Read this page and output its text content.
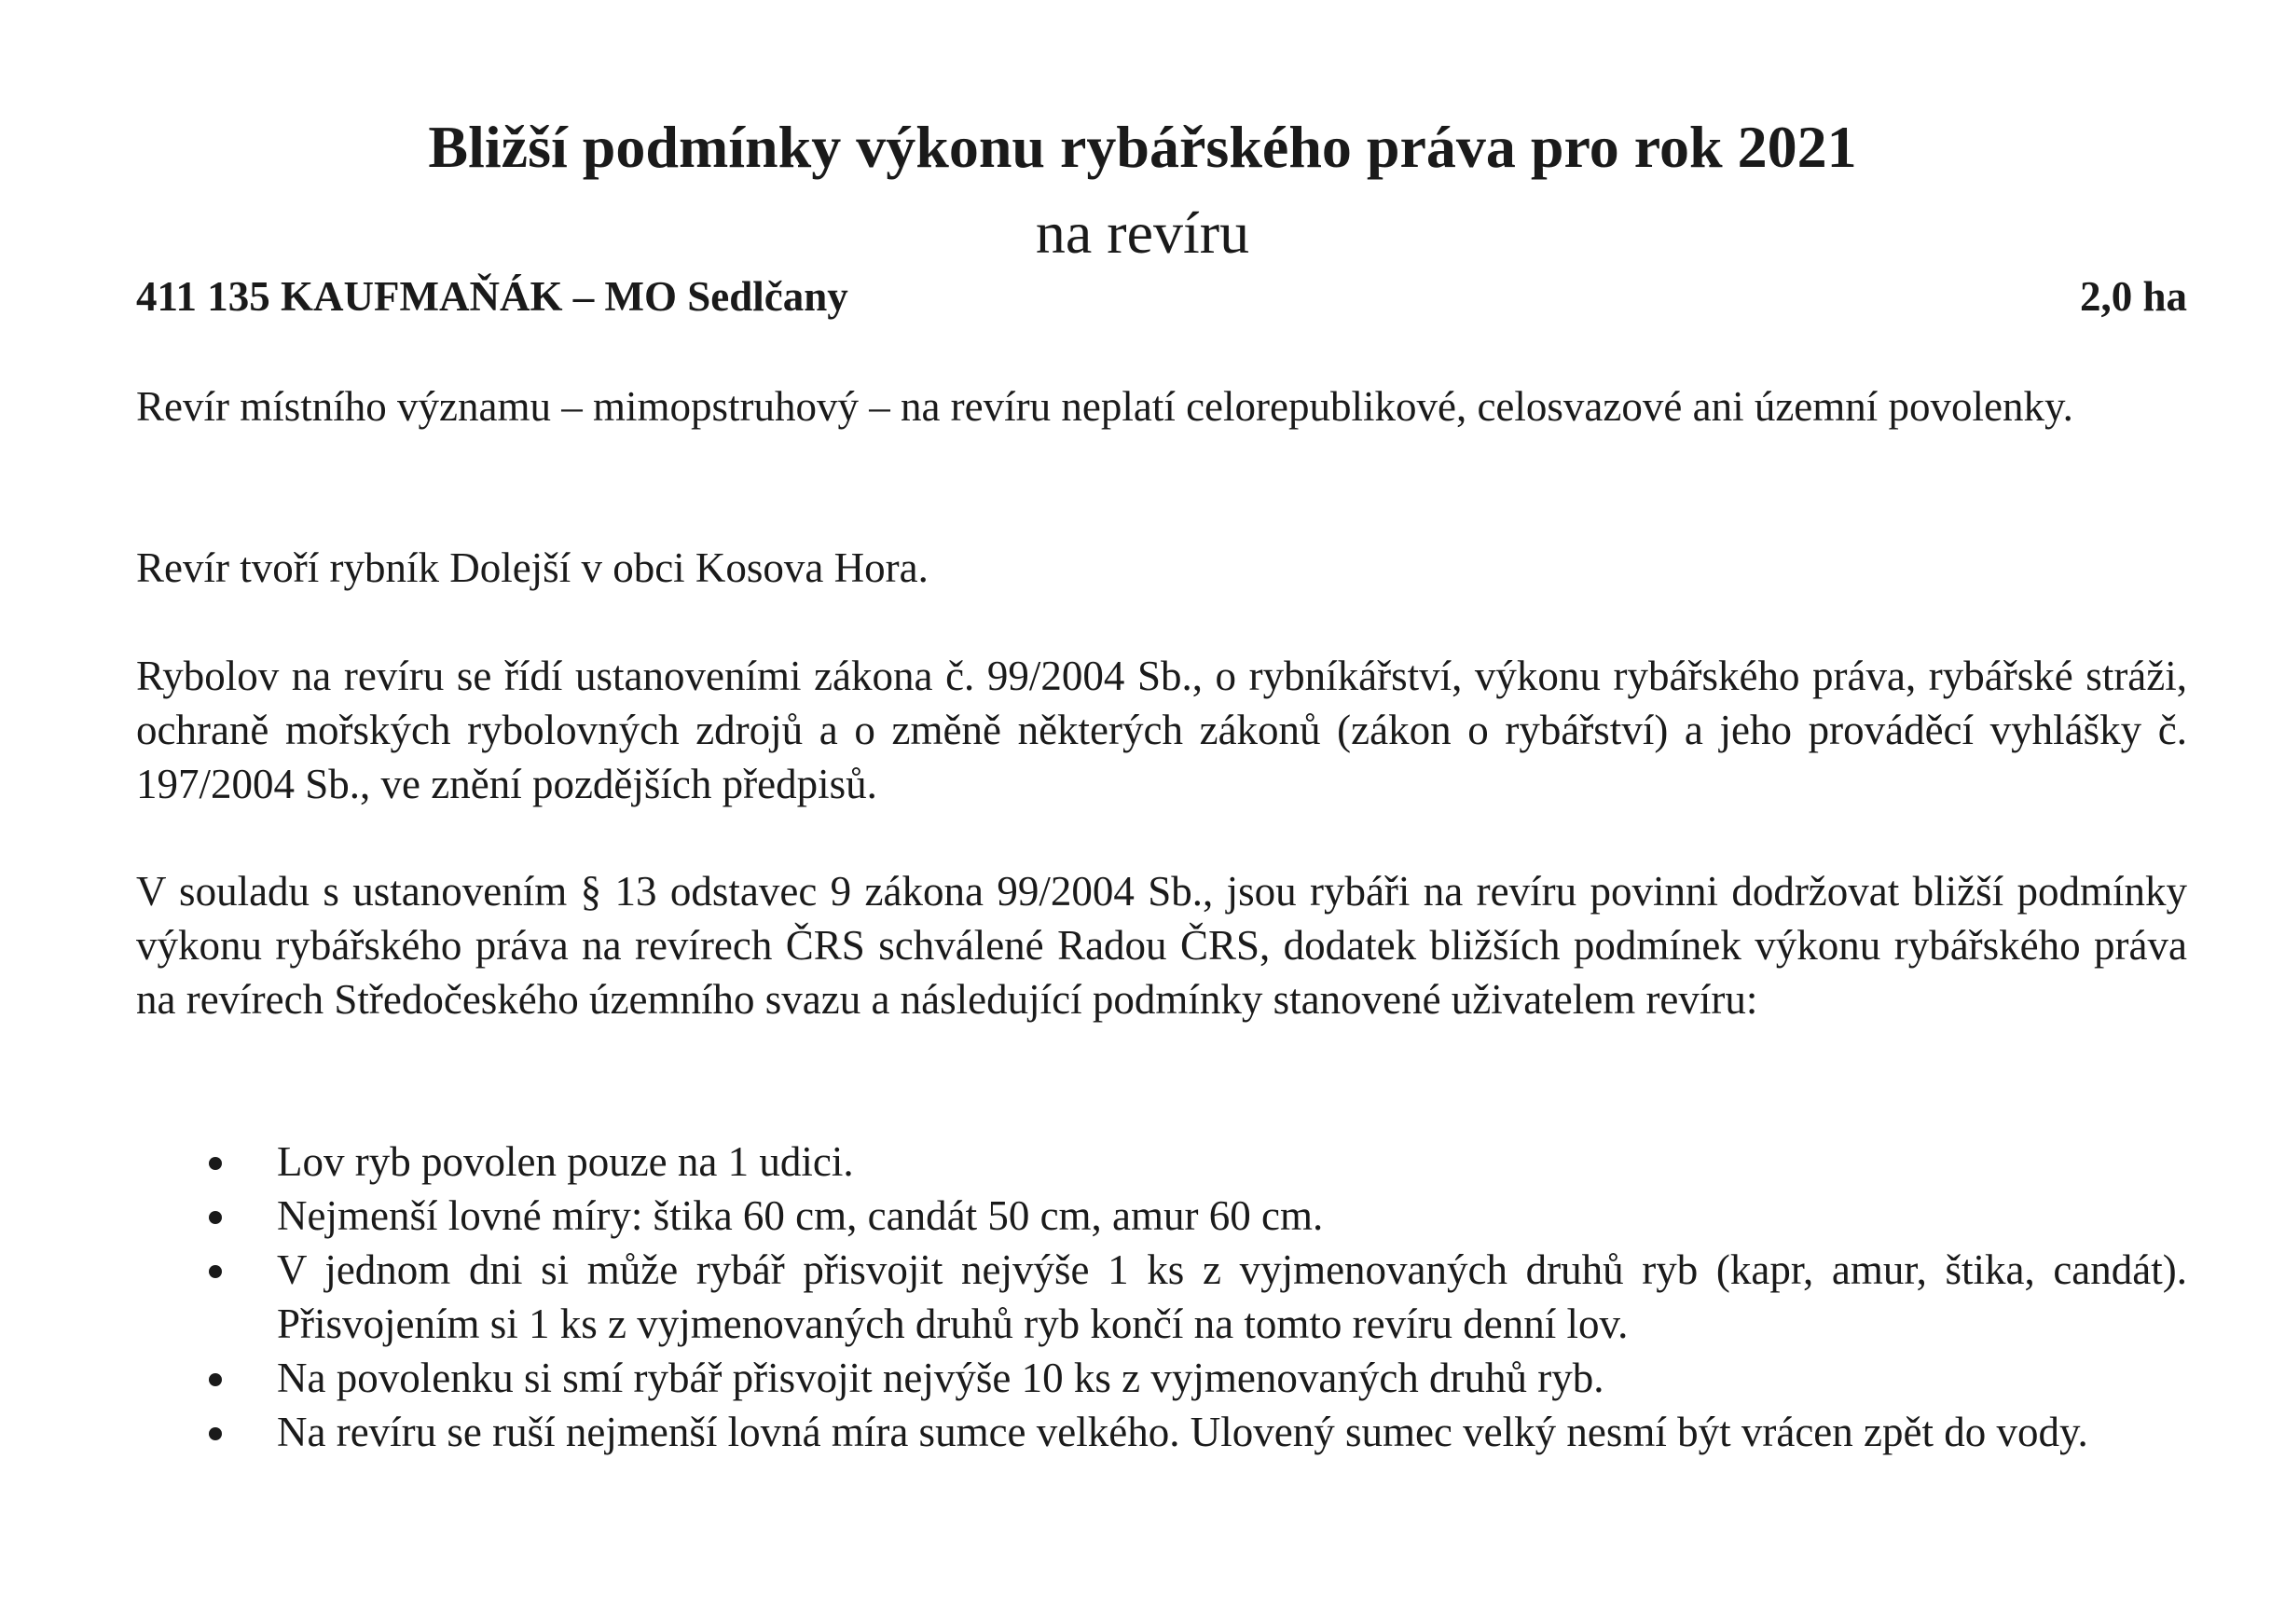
Bližší podmínky výkonu rybářského práva pro rok 2021
na revíru
411 135 KAUFMAŇÁK – MO Sedlčany	2,0 ha

Revír místního významu – mimopstruhový – na revíru neplatí celorepublikové, celosvazové ani územní povolenky.

Revír tvoří rybník Dolejší v obci Kosova Hora.

Rybolov na revíru se řídí ustanoveními zákona č. 99/2004 Sb., o rybníkářství, výkonu rybářského práva, rybářské stráži, ochraně mořských rybolovných zdrojů a o změně některých zákonů (zákon o rybářství) a jeho prováděcí vyhlášky č. 197/2004 Sb., ve znění pozdějších předpisů.

V souladu s ustanovením § 13 odstavec 9 zákona 99/2004 Sb., jsou rybáři na revíru povinni dodržovat bližší podmínky výkonu rybářského práva na revírech ČRS schválené Radou ČRS, dodatek bližších podmínek výkonu rybářského práva na revírech Středočeského územního svazu a následující podmínky stanovené uživatelem revíru:

Lov ryb povolen pouze na 1 udici.
Nejmenší lovné míry: štika 60 cm, candát 50 cm, amur 60 cm.
V jednom dni si může rybář přisvojit nejvýše 1 ks z vyjmenovaných druhů ryb (kapr, amur, štika, candát). Přisvojením si 1 ks z vyjmenovaných druhů ryb končí na tomto revíru denní lov.
Na povolenku si smí rybář přisvojit nejvýše 10 ks z vyjmenovaných druhů ryb.
Na revíru se ruší nejmenší lovná míra sumce velkého. Ulovený sumec velký nesmí být vrácen zpět do vody.
